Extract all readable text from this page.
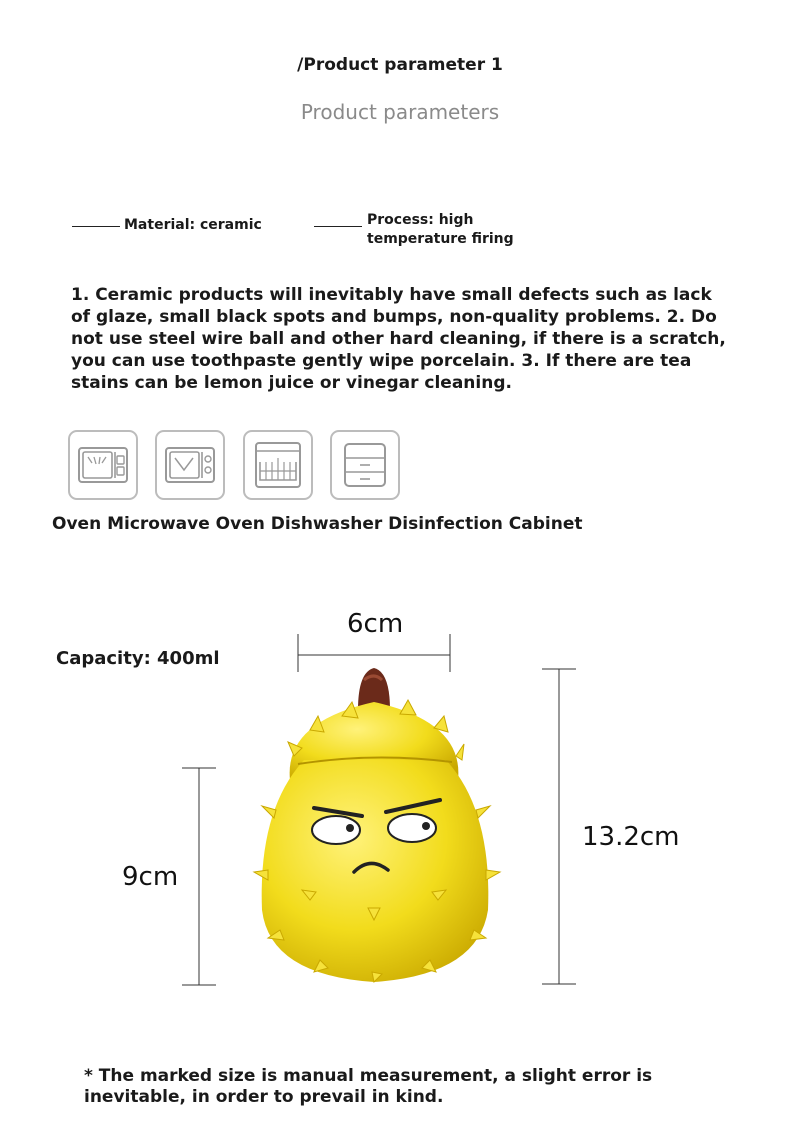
/Product parameter 1
Product parameters
Material: ceramic	Process: high
temperature firing
1. Ceramic products will inevitably have small defects such as lack of glaze, small black spots and bumps, non-quality problems. 2. Do not use steel wire ball and other hard cleaning, if there is a scratch, you can use toothpaste gently wipe porcelain. 3. If there are tea stains can be lemon juice or vinegar cleaning.
Oven Microwave Oven Dishwasher Disinfection Cabinet
Capacity: 400ml
6cm
9cm
13.2cm
* The marked size is manual measurement, a slight error is inevitable, in order to prevail in kind.
